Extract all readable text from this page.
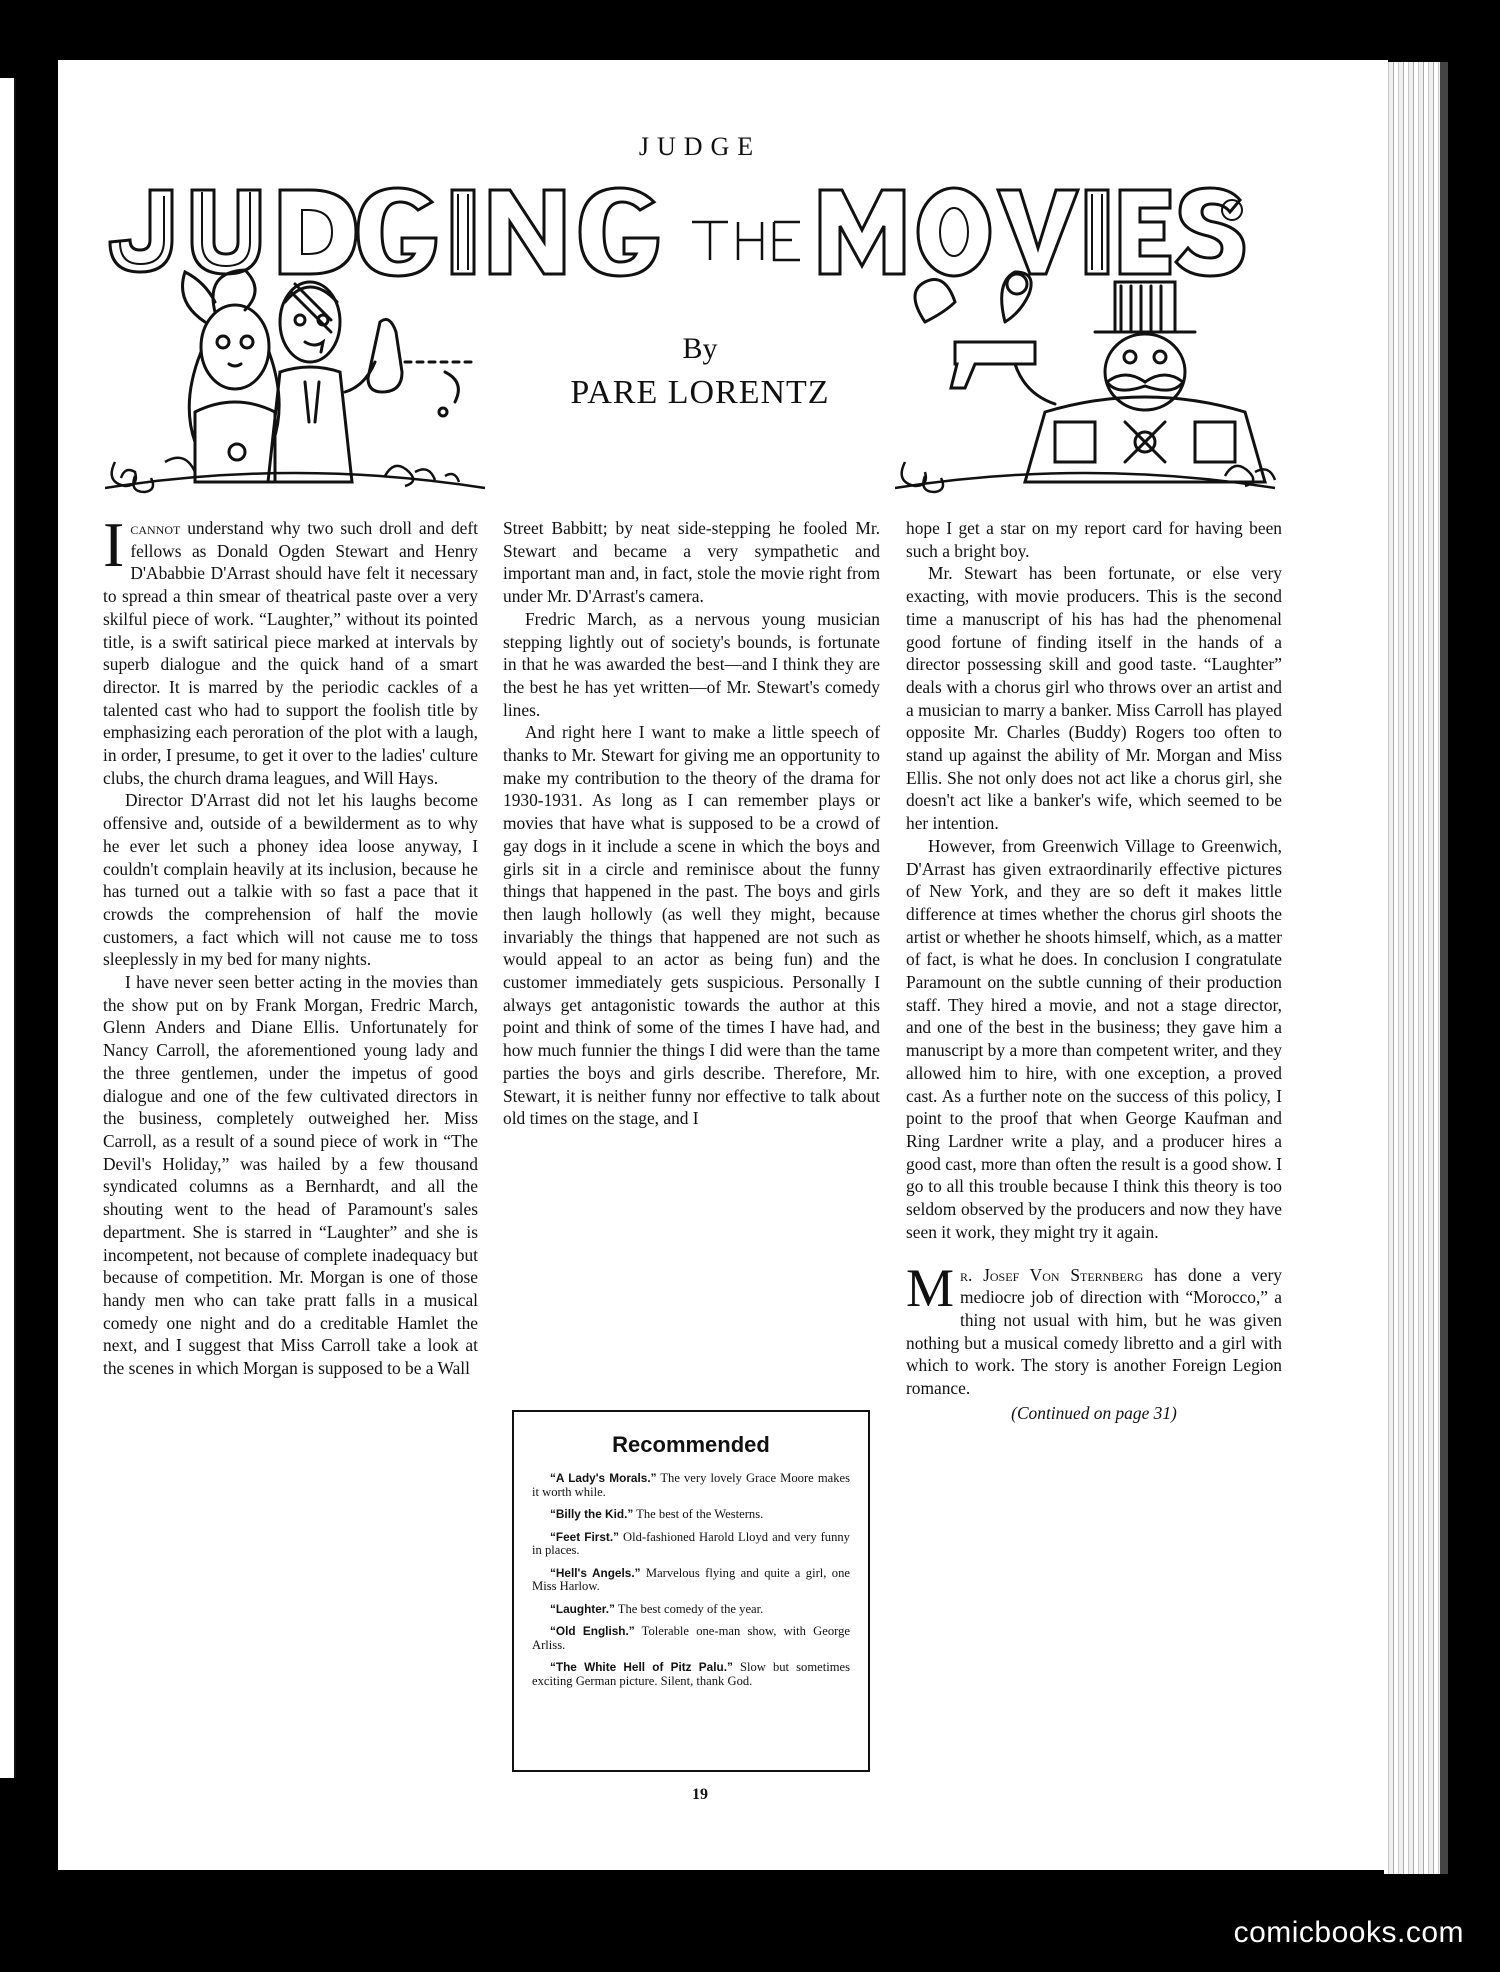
JUDGE
By
PARE LORENTZ

Icannot understand why two such droll and deft fellows as Donald Ogden Stewart and Henry D'Ababbie D'Arrast should have felt it necessary to spread a thin smear of theatrical paste over a very skilful piece of work. “Laughter,” without its pointed title, is a swift satirical piece marked at intervals by superb dialogue and the quick hand of a smart director. It is marred by the periodic cackles of a talented cast who had to support the foolish title by emphasizing each peroration of the plot with a laugh, in order, I presume, to get it over to the ladies' culture clubs, the church drama leagues, and Will Hays.

Director D'Arrast did not let his laughs become offensive and, outside of a bewilderment as to why he ever let such a phoney idea loose anyway, I couldn't complain heavily at its inclusion, because he has turned out a talkie with so fast a pace that it crowds the comprehension of half the movie customers, a fact which will not cause me to toss sleeplessly in my bed for many nights.

I have never seen better acting in the movies than the show put on by Frank Morgan, Fredric March, Glenn Anders and Diane Ellis. Unfortunately for Nancy Carroll, the aforementioned young lady and the three gentlemen, under the impetus of good dialogue and one of the few cultivated directors in the business, completely outweighed her. Miss Carroll, as a result of a sound piece of work in “The Devil's Holiday,” was hailed by a few thousand syndicated columns as a Bernhardt, and all the shouting went to the head of Paramount's sales department. She is starred in “Laughter” and she is incompetent, not because of complete inadequacy but because of competition. Mr. Morgan is one of those handy men who can take pratt falls in a musical comedy one night and do a creditable Hamlet the next, and I suggest that Miss Carroll take a look at the scenes in which Morgan is supposed to be a Wall

Street Babbitt; by neat side-stepping he fooled Mr. Stewart and became a very sympathetic and important man and, in fact, stole the movie right from under Mr. D'Arrast's camera.

Fredric March, as a nervous young musician stepping lightly out of society's bounds, is fortunate in that he was awarded the best—and I think they are the best he has yet written—of Mr. Stewart's comedy lines.

And right here I want to make a little speech of thanks to Mr. Stewart for giving me an opportunity to make my contribution to the theory of the drama for 1930-1931. As long as I can remember plays or movies that have what is supposed to be a crowd of gay dogs in it include a scene in which the boys and girls sit in a circle and reminisce about the funny things that happened in the past. The boys and girls then laugh hollowly (as well they might, because invariably the things that happened are not such as would appeal to an actor as being fun) and the customer immediately gets suspicious. Personally I always get antagonistic towards the author at this point and think of some of the times I have had, and how much funnier the things I did were than the tame parties the boys and girls describe. Therefore, Mr. Stewart, it is neither funny nor effective to talk about old times on the stage, and I

hope I get a star on my report card for having been such a bright boy.

Mr. Stewart has been fortunate, or else very exacting, with movie producers. This is the second time a manuscript of his has had the phenomenal good fortune of finding itself in the hands of a director possessing skill and good taste. “Laughter” deals with a chorus girl who throws over an artist and a musician to marry a banker. Miss Carroll has played opposite Mr. Charles (Buddy) Rogers too often to stand up against the ability of Mr. Morgan and Miss Ellis. She not only does not act like a chorus girl, she doesn't act like a banker's wife, which seemed to be her intention.

However, from Greenwich Village to Greenwich, D'Arrast has given extraordinarily effective pictures of New York, and they are so deft it makes little difference at times whether the chorus girl shoots the artist or whether he shoots himself, which, as a matter of fact, is what he does. In conclusion I congratulate Paramount on the subtle cunning of their production staff. They hired a movie, and not a stage director, and one of the best in the business; they gave him a manuscript by a more than competent writer, and they allowed him to hire, with one exception, a proved cast. As a further note on the success of this policy, I point to the proof that when George Kaufman and Ring Lardner write a play, and a producer hires a good cast, more than often the result is a good show. I go to all this trouble because I think this theory is too seldom observed by the producers and now they have seen it work, they might try it again.

Mr. Josef Von Sternberg has done a very mediocre job of direction with “Morocco,” a thing not usual with him, but he was given nothing but a musical comedy libretto and a girl with which to work. The story is another Foreign Legion romance.

(Continued on page 31)
Recommended

“A Lady's Morals.” The very lovely Grace Moore makes it worth while.

“Billy the Kid.” The best of the Westerns.

“Feet First.” Old-fashioned Harold Lloyd and very funny in places.

“Hell's Angels.” Marvelous flying and quite a girl, one Miss Harlow.

“Laughter.” The best comedy of the year.

“Old English.” Tolerable one-man show, with George Arliss.

“The White Hell of Pitz Palu.” Slow but sometimes exciting German picture. Silent, thank God.

19
comicbooks.com
